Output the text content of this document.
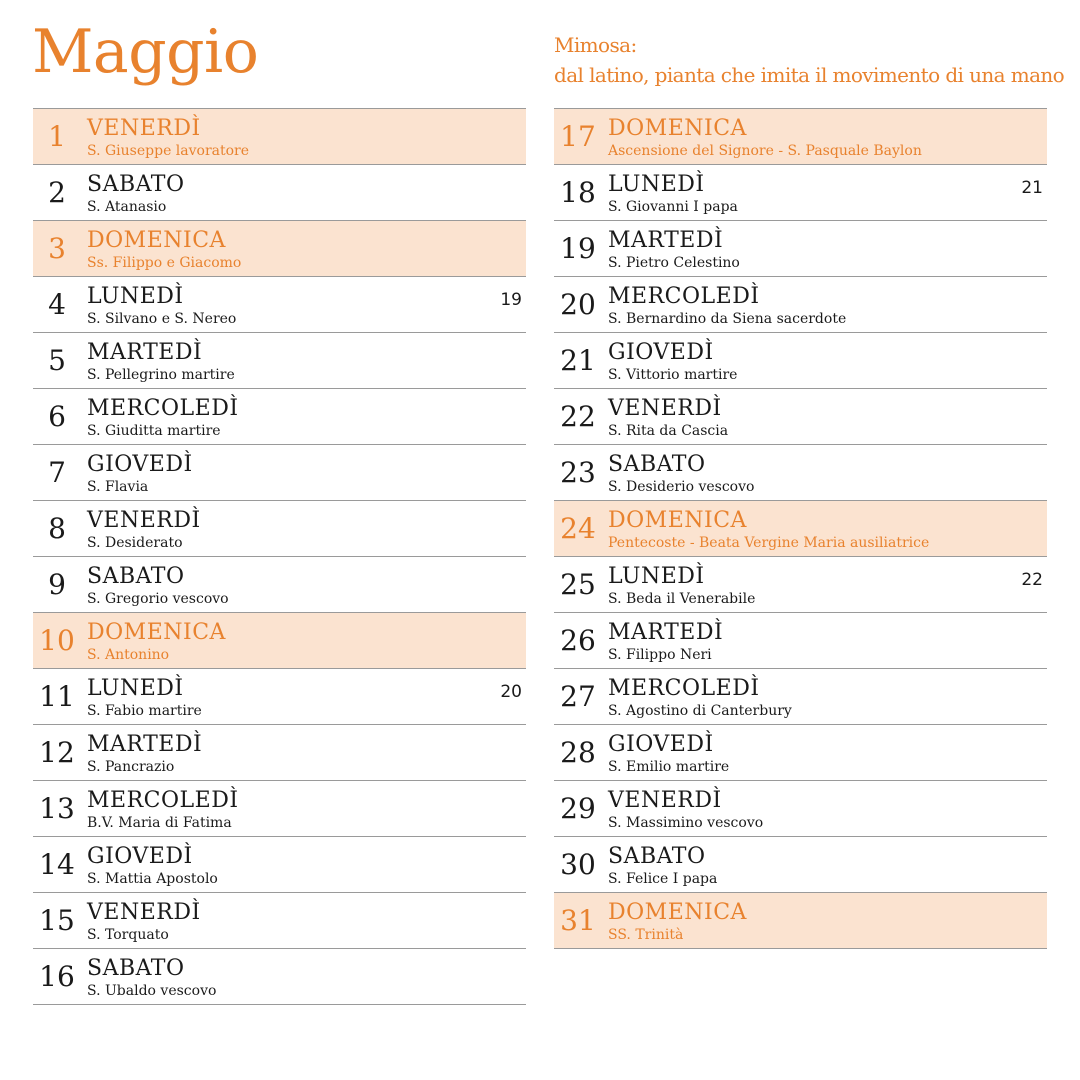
Maggio	Mimosa:
dal latino, pianta che imita il movimento di una mano
1 VENERDÌ
S. Giuseppe lavoratore
2 SABATO
S. Atanasio
3 DOMENICA
Ss. Filippo e Giacomo
4 LUNEDÌ
S. Silvano e S. Nereo
19
5 MARTEDÌ
S. Pellegrino martire
6 MERCOLEDÌ
S. Giuditta martire
7 GIOVEDÌ
S. Flavia
8 VENERDÌ
S. Desiderato
9 SABATO
S. Gregorio vescovo
10 DOMENICA
S. Antonino
11 LUNEDÌ
S. Fabio martire
20
12 MARTEDÌ
S. Pancrazio
13 MERCOLEDÌ
B.V. Maria di Fatima
14 GIOVEDÌ
S. Mattia Apostolo
15 VENERDÌ
S. Torquato
16 SABATO
S. Ubaldo vescovo
17 DOMENICA
Ascensione del Signore - S. Pasquale Baylon
18 LUNEDÌ
S. Giovanni I papa
21
19 MARTEDÌ
S. Pietro Celestino
20 MERCOLEDÌ
S. Bernardino da Siena sacerdote
21 GIOVEDÌ
S. Vittorio martire
22 VENERDÌ
S. Rita da Cascia
23 SABATO
S. Desiderio vescovo
24 DOMENICA
Pentecoste - Beata Vergine Maria ausiliatrice
25 LUNEDÌ
S. Beda il Venerabile
22
26 MARTEDÌ
S. Filippo Neri
27 MERCOLEDÌ
S. Agostino di Canterbury
28 GIOVEDÌ
S. Emilio martire
29 VENERDÌ
S. Massimino vescovo
30 SABATO
S. Felice I papa
31 DOMENICA
SS. Trinità
